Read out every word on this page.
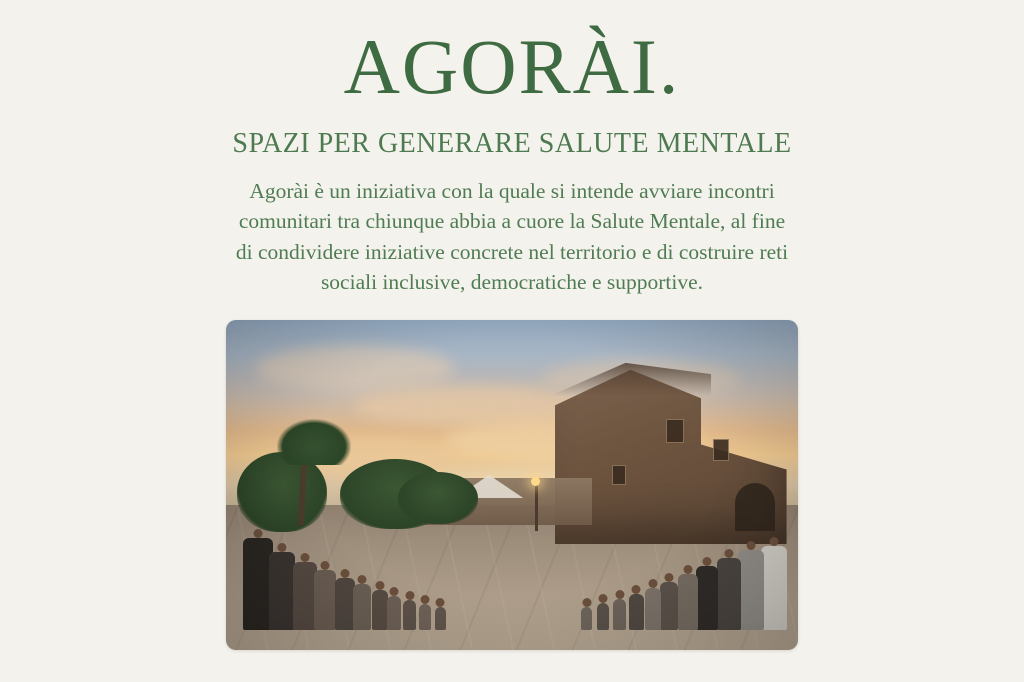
AGORÀI.
SPAZI PER GENERARE SALUTE MENTALE
Agorài è un iniziativa con la quale si intende avviare incontri comunitari tra chiunque abbia a cuore la Salute Mentale, al fine di condividere iniziative concrete nel territorio e di costruire reti sociali inclusive, democratiche e supportive.
